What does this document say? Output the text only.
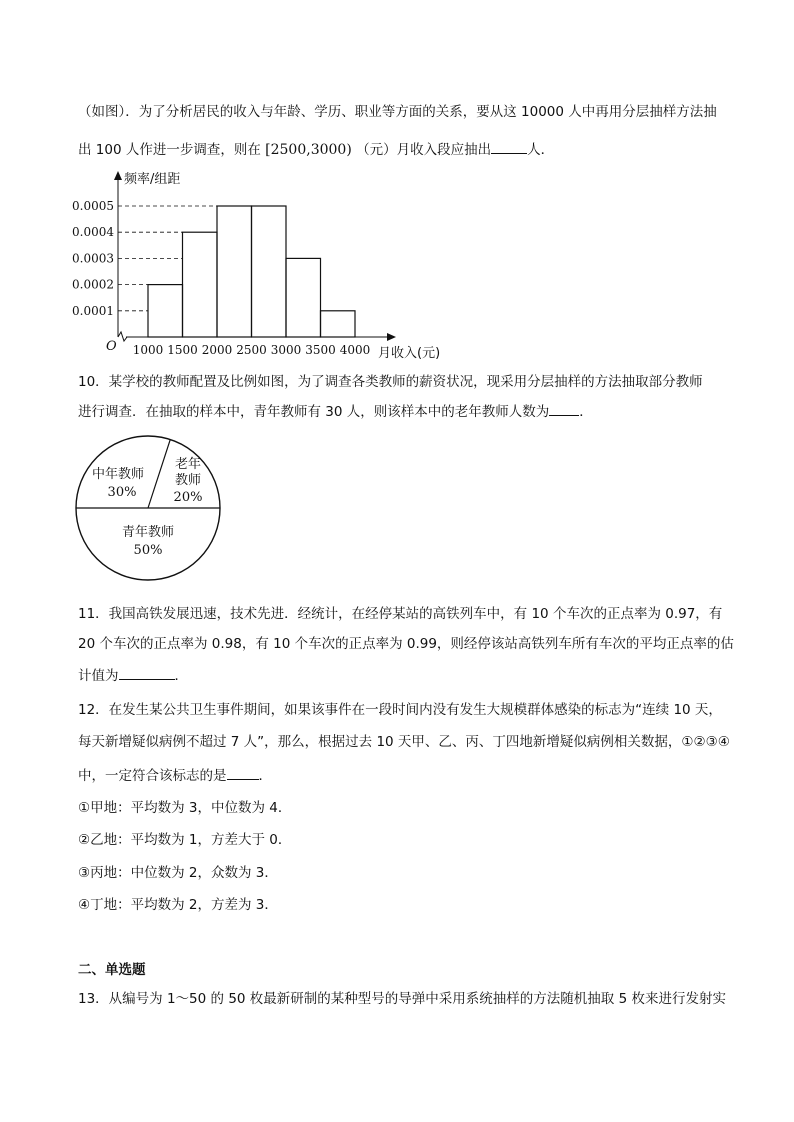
（如图）．为了分析居民的收入与年龄、学历、职业等方面的关系，要从这 10000 人中再用分层抽样方法抽
出 100 人作进一步调查，则在 [2500,3000) （元）月收入段应抽出	人．
0.0001
0.0002
0.0003
0.0004
0.0005
1000 1500 2000 2500 3000 3500 4000
O
频率/组距
月收入(元)
10．某学校的教师配置及比例如图，为了调查各类教师的薪资状况，现采用分层抽样的方法抽取部分教师
进行调查．在抽取的样本中，青年教师有 30 人，则该样本中的老年教师人数为 ．
中年教师
30%
老年
教师
20%
青年教师
50%
11．我国高铁发展迅速，技术先进．经统计，在经停某站的高铁列车中，有 10 个车次的正点率为 0.97，有
20 个车次的正点率为 0.98，有 10 个车次的正点率为 0.99，则经停该站高铁列车所有车次的平均正点率的估
计值为	．
12．在发生某公共卫生事件期间，如果该事件在一段时间内没有发生大规模群体感染的标志为“连续 10 天，
每天新增疑似病例不超过 7 人”，那么，根据过去 10 天甲、乙、丙、丁四地新增疑似病例相关数据，①②③④
中，一定符合该标志的是 ．
①甲地：平均数为 3，中位数为 4．
②乙地：平均数为 1，方差大于 0．
③丙地：中位数为 2，众数为 3．
④丁地：平均数为 2，方差为 3．
二、单选题
13．从编号为 1～50 的 50 枚最新研制的某种型号的导弹中采用系统抽样的方法随机抽取 5 枚来进行发射实
